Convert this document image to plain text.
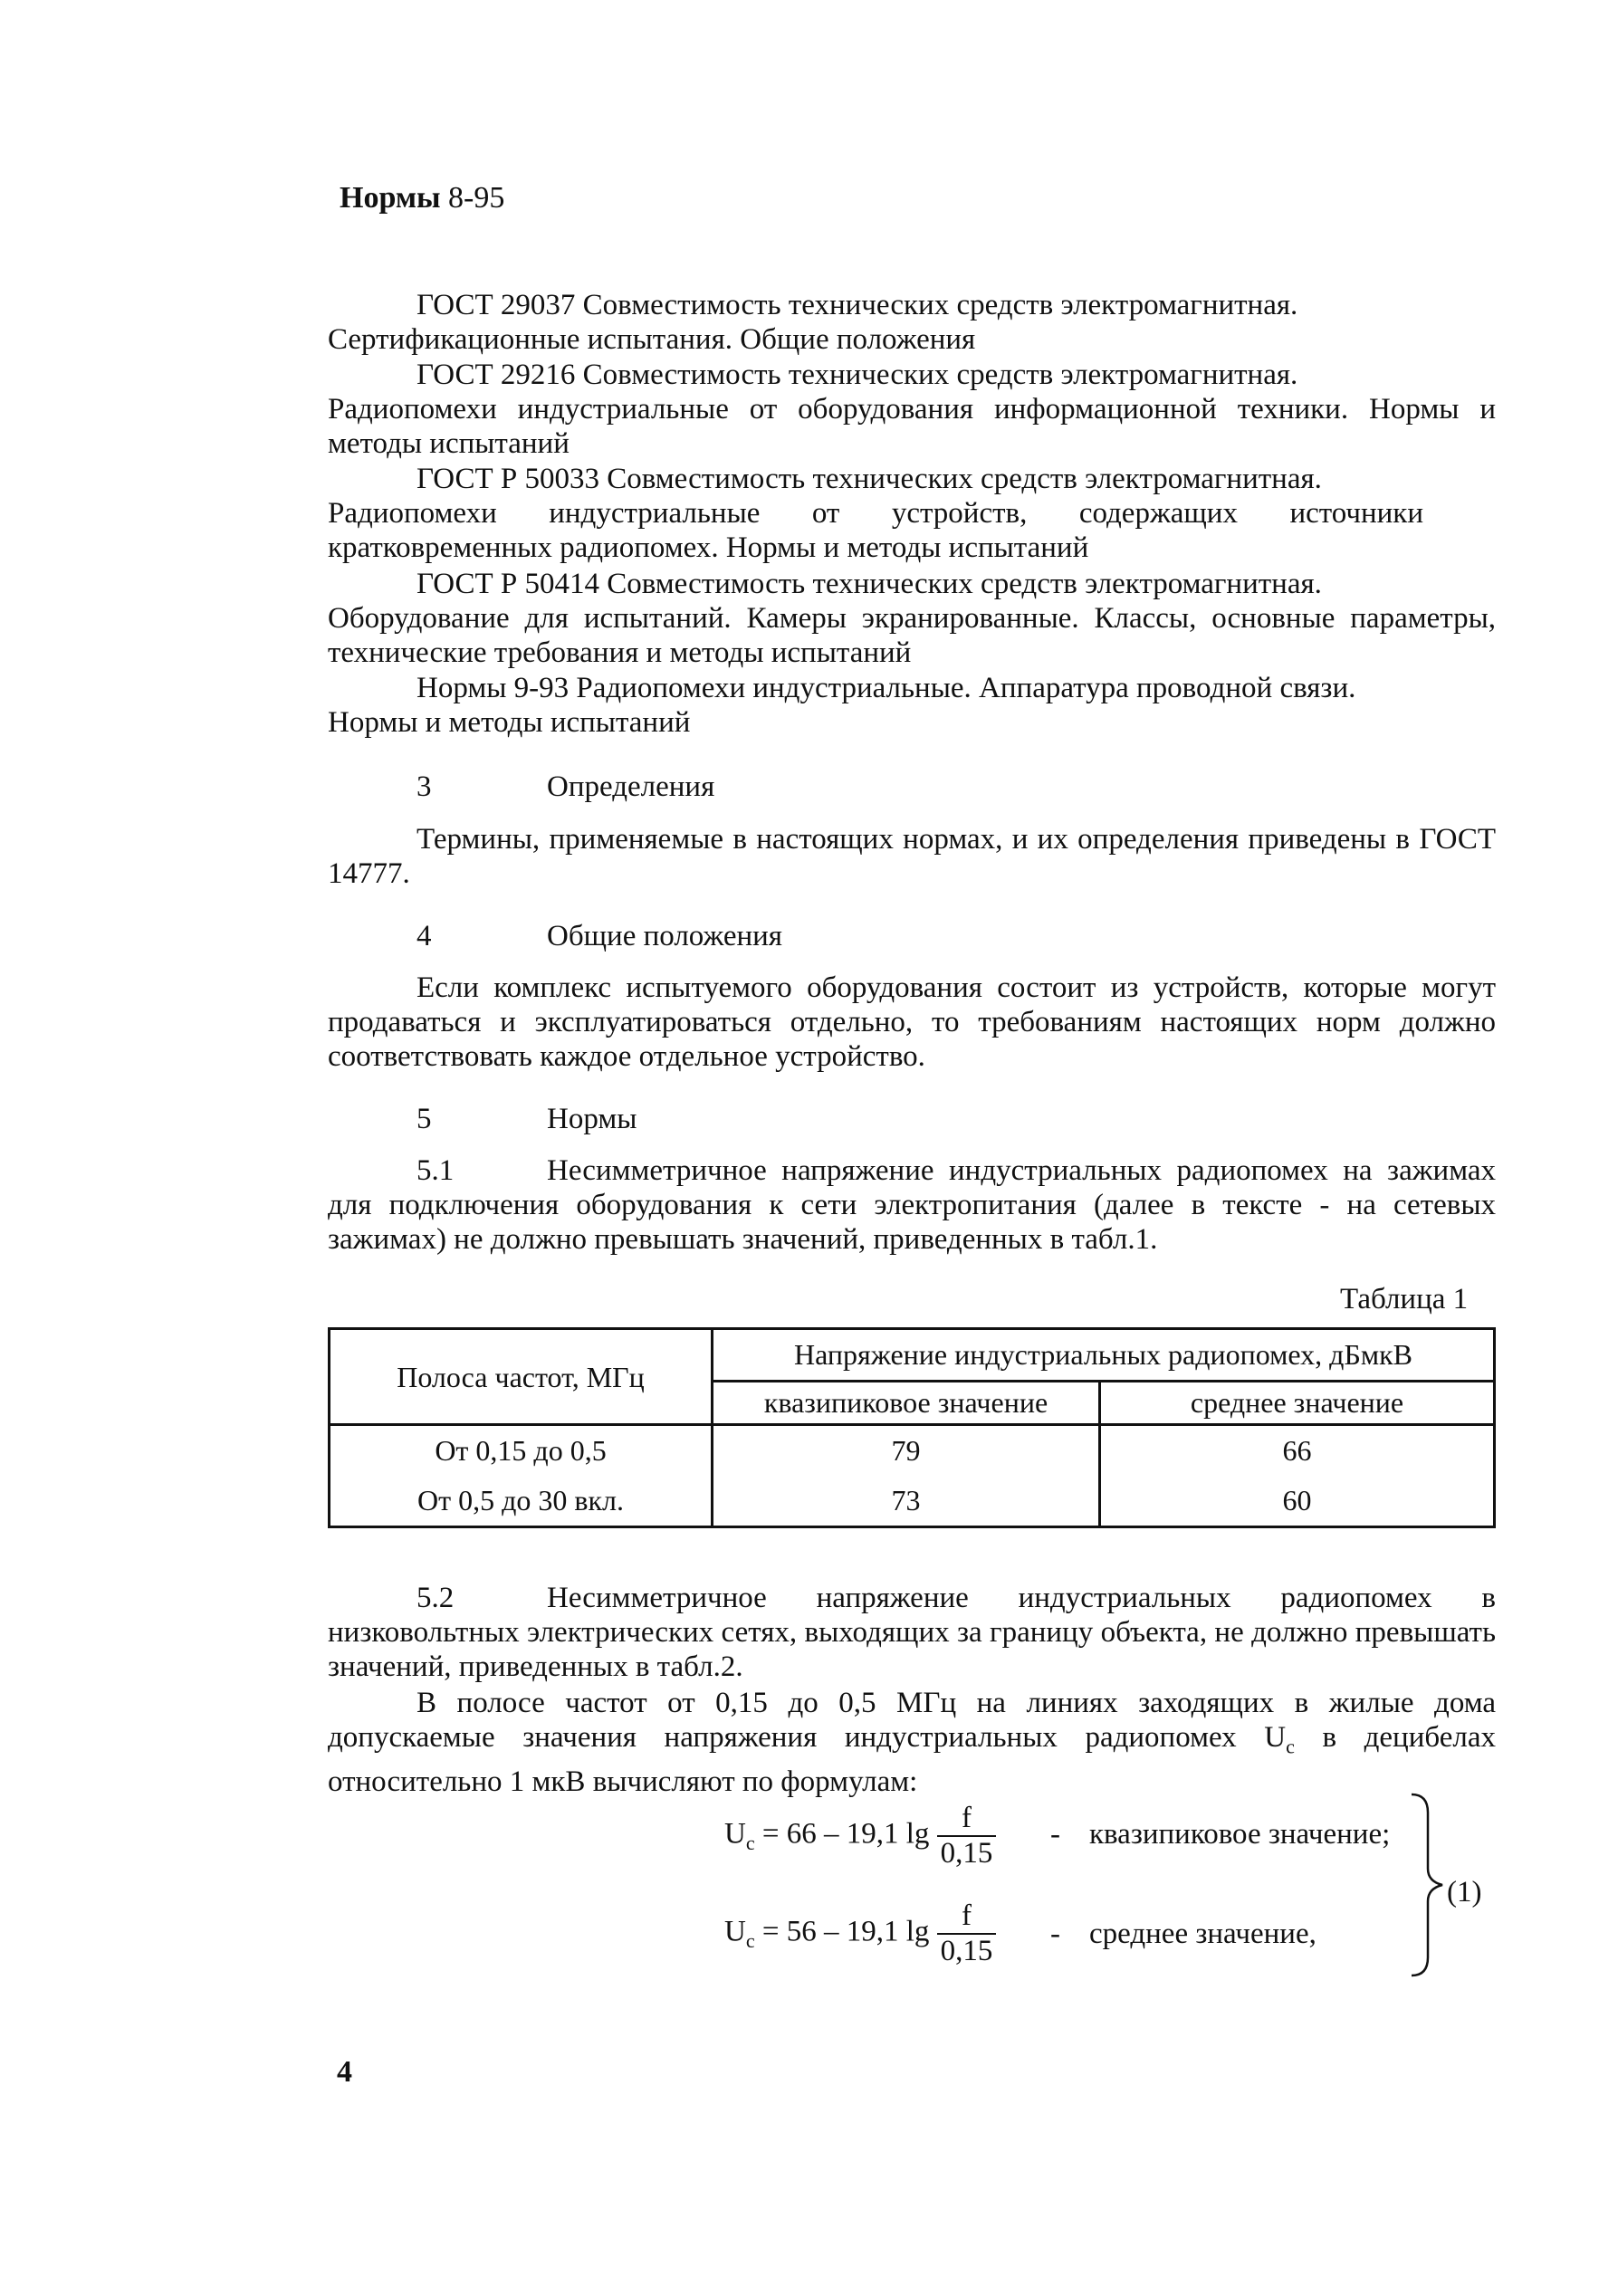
Нормы 8-95
ГОСТ 29037 Совместимость технических средств электромагнитная.
Сертификационные испытания. Общие положения
ГОСТ 29216 Совместимость технических средств электромагнитная.
Радиопомехи индустриальные от оборудования информационной техники. Нормы и методы испытаний
ГОСТ Р 50033 Совместимость технических средств электромагнитная.
Радиопомехи индустриальные от устройств, содержащих источники кратковременных радиопомех. Нормы и методы испытаний
ГОСТ Р 50414 Совместимость технических средств электромагнитная.
Оборудование для испытаний. Камеры экранированные. Классы, основные параметры, технические требования и методы испытаний
Нормы 9-93 Радиопомехи индустриальные. Аппаратура проводной связи.
Нормы и методы испытаний
3	Определения
Термины, применяемые в настоящих нормах, и их определения приведены в ГОСТ 14777.
4	Общие положения
Если комплекс испытуемого оборудования состоит из устройств, которые могут продаваться и эксплуатироваться отдельно, то требованиям настоящих норм должно соответствовать каждое отдельное устройство.
5	Нормы
5.1	Несимметричное напряжение индустриальных радиопомех на зажимах для подключения оборудования к сети электропитания (далее в тексте - на сетевых зажимах) не должно превышать значений, приведенных в табл.1.
Таблица 1
Полоса частот, МГц	Напряжение индустриальных радиопомех, дБмкВ	
	квазипиковое значение	среднее значение
От 0,15 до 0,5	79	66
От 0,5 до 30 вкл.	73	60
5.2	Несимметричное напряжение индустриальных радиопомех в низковольтных электрических сетях, выходящих за границу объекта, не должно превышать значений, приведенных в табл.2.
В полосе частот от 0,15 до 0,5 МГц на линиях заходящих в жилые дома допускаемые значения напряжения индустриальных радиопомех $U_c$ в децибелах относительно 1 мкВ вычисляют по формулам:
$U_c = 66 - 19,1$ $\lg \frac{f}{0,15}$ - квазипиковое значение;
$U_c = 56 - 19,1$ $\lg \frac{f}{0,15}$ - среднее значение,
(1)
4
